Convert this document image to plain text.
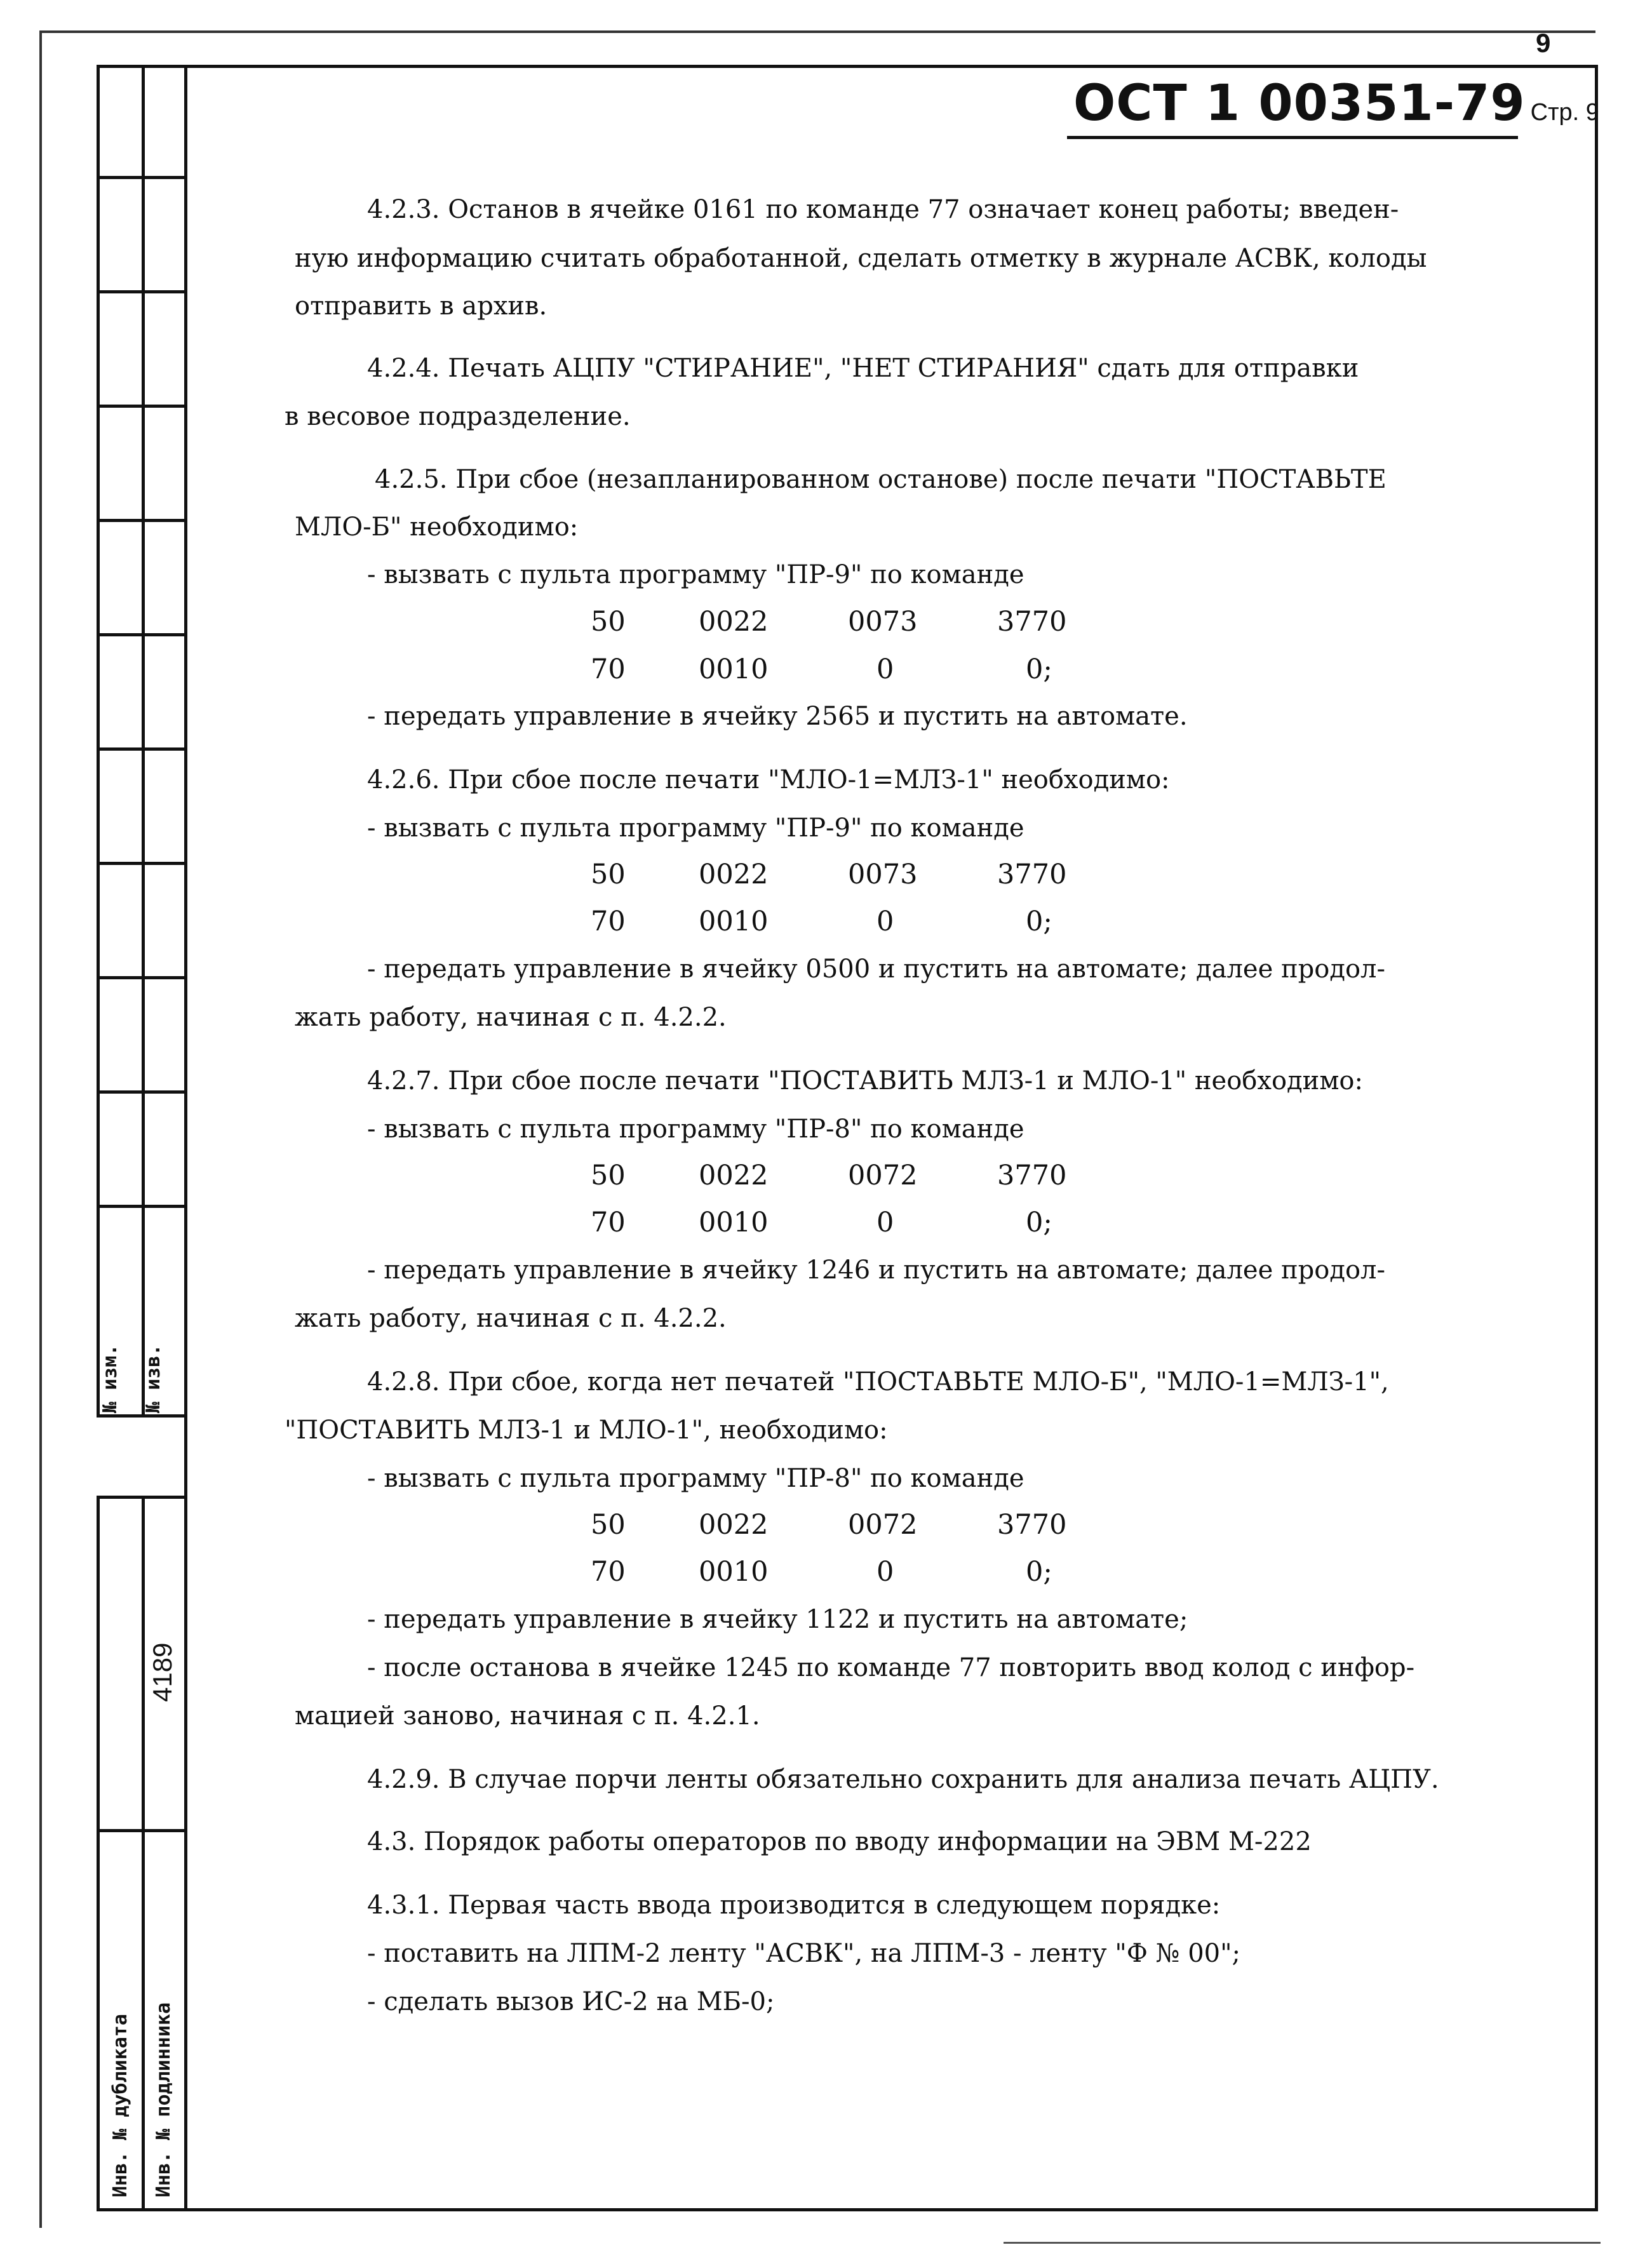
9
№ изм. № изв.
4189
Инв. № дубликата Инв. № подлинника
ОСТ 1 00351-79 Стр. 9
4.2.3. Останов в ячейке 0161 по команде 77 означает конец работы; введен-
ную информацию считать обработанной, сделать отметку в журнале АСВК, колоды
отправить в архив.
4.2.4. Печать АЦПУ "СТИРАНИЕ", "НЕТ СТИРАНИЯ" сдать для отправки
в весовое подразделение.
4.2.5. При сбое (незапланированном останове) после печати "ПОСТАВЬТЕ
МЛО-Б" необходимо:
- вызвать с пульта программу "ПР-9" по команде
50	0022	0073	3770
70	0010	0	0;
- передать управление в ячейку 2565 и пустить на автомате.
4.2.6. При сбое после печати "МЛО-1=МЛЗ-1" необходимо:
- вызвать с пульта программу "ПР-9" по команде
50	0022	0073	3770
70	0010	0	0;
- передать управление в ячейку 0500 и пустить на автомате; далее продол-
жать работу, начиная с п. 4.2.2.
4.2.7. При сбое после печати "ПОСТАВИТЬ МЛЗ-1 и МЛО-1" необходимо:
- вызвать с пульта программу "ПР-8" по команде
50	0022	0072	3770
70	0010	0	0;
- передать управление в ячейку 1246 и пустить на автомате; далее продол-
жать работу, начиная с п. 4.2.2.
4.2.8. При сбое, когда нет печатей "ПОСТАВЬТЕ МЛО-Б", "МЛО-1=МЛЗ-1",
"ПОСТАВИТЬ МЛЗ-1 и МЛО-1", необходимо:
- вызвать с пульта программу "ПР-8" по команде
50	0022	0072	3770
70	0010	0	0;
- передать управление в ячейку 1122 и пустить на автомате;
- после останова в ячейке 1245 по команде 77 повторить ввод колод с инфор-
мацией заново, начиная с п. 4.2.1.
4.2.9. В случае порчи ленты обязательно сохранить для анализа печать АЦПУ.
4.3. Порядок работы операторов по вводу информации на ЭВМ М-222
4.3.1. Первая часть ввода производится в следующем порядке:
- поставить на ЛПМ-2 ленту "АСВК", на ЛПМ-3 - ленту "Ф № 00";
- сделать вызов ИС-2 на МБ-0;
